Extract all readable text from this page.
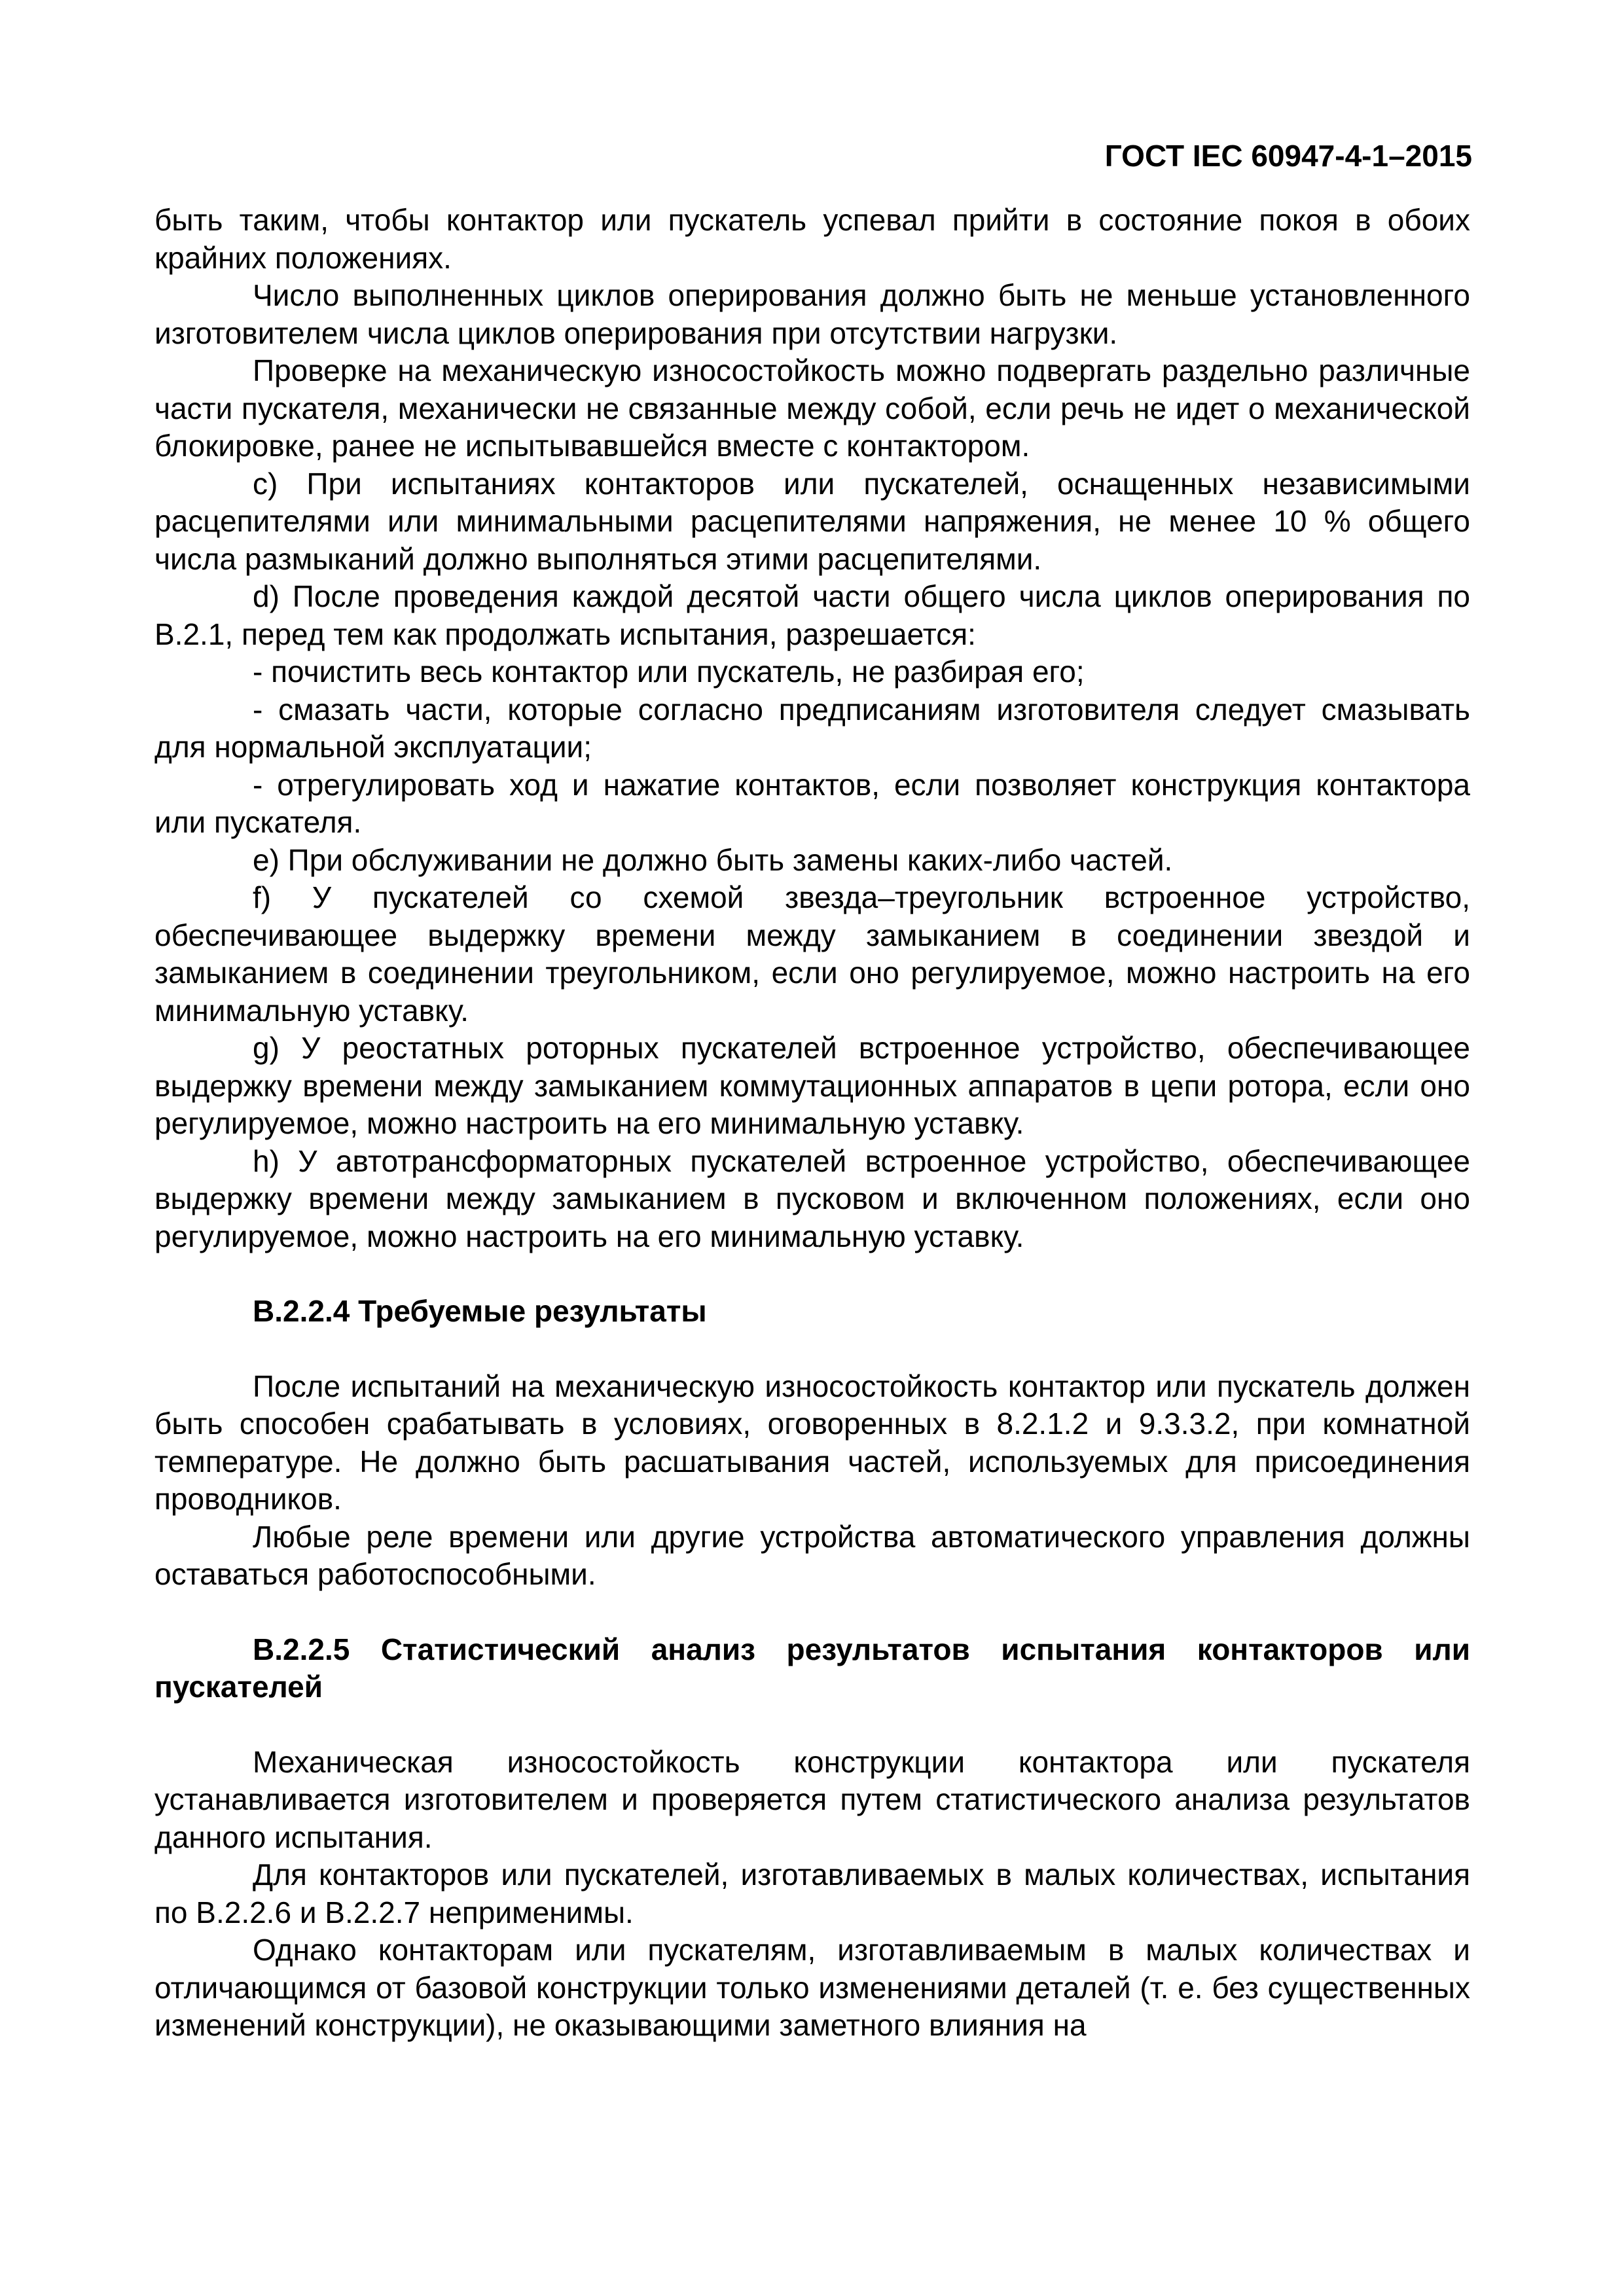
ГОСТ IEC 60947-4-1–2015

быть таким, чтобы контактор или пускатель успевал прийти в состояние покоя в обоих крайних положениях.

Число выполненных циклов оперирования должно быть не меньше установленного изготовителем числа циклов оперирования при отсутствии нагрузки.

Проверке на механическую износостойкость можно подвергать раздельно различные части пускателя, механически не связанные между собой, если речь не идет о механической блокировке, ранее не испытывавшейся вместе с контактором.

c) При испытаниях контакторов или пускателей, оснащенных независимыми расцепителями или минимальными расцепителями напряжения, не менее 10 % общего числа размыканий должно выполняться этими расцепителями.

d) После проведения каждой десятой части общего числа циклов оперирования по B.2.1, перед тем как продолжать испытания, разрешается:

- почистить весь контактор или пускатель, не разбирая его;

- смазать части, которые согласно предписаниям изготовителя следует смазывать для нормальной эксплуатации;

- отрегулировать ход и нажатие контактов, если позволяет конструкция контактора или пускателя.

e) При обслуживании не должно быть замены каких-либо частей.

f) У пускателей со схемой звезда–треугольник встроенное устройство, обеспечивающее выдержку времени между замыканием в соединении звездой и замыканием в соединении треугольником, если оно регулируемое, можно настроить на его минимальную уставку.

g) У реостатных роторных пускателей встроенное устройство, обеспечивающее выдержку времени между замыканием коммутационных аппаратов в цепи ротора, если оно регулируемое, можно настроить на его минимальную уставку.

h) У автотрансформаторных пускателей встроенное устройство, обеспечивающее выдержку времени между замыканием в пусковом и включенном положениях, если оно регулируемое, можно настроить на его минимальную уставку.

B.2.2.4 Требуемые результаты

После испытаний на механическую износостойкость контактор или пускатель должен быть способен срабатывать в условиях, оговоренных в 8.2.1.2 и 9.3.3.2, при комнатной температуре. Не должно быть расшатывания частей, используемых для присоединения проводников.

Любые реле времени или другие устройства автоматического управления должны оставаться работоспособными.

B.2.2.5 Статистический анализ результатов испытания контакторов или пускателей

Механическая износостойкость конструкции контактора или пускателя устанавливается изготовителем и проверяется путем статистического анализа результатов данного испытания.

Для контакторов или пускателей, изготавливаемых в малых количествах, испытания по B.2.2.6 и B.2.2.7 неприменимы.

Однако контакторам или пускателям, изготавливаемым в малых количествах и отличающимся от базовой конструкции только изменениями деталей (т. е. без существенных изменений конструкции), не оказывающими заметного влияния на
